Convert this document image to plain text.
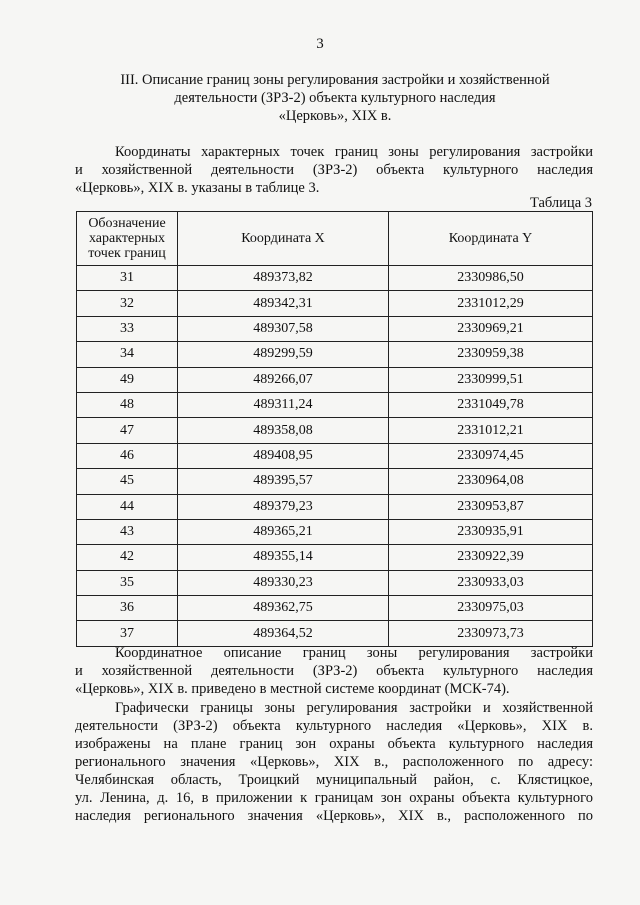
3
III. Описание границ зоны регулирования застройки и хозяйственной
деятельности (ЗРЗ-2) объекта культурного наследия
«Церковь», XIX в.
Координаты характерных точек границ зоны регулирования застройки
и хозяйственной деятельности (ЗРЗ-2) объекта культурного наследия
«Церковь», XIX в. указаны в таблице 3.
Таблица 3
Обозначение характерных точек границ	Координата X	Координата Y
31	489373,82	2330986,50
32	489342,31	2331012,29
33	489307,58	2330969,21
34	489299,59	2330959,38
49	489266,07	2330999,51
48	489311,24	2331049,78
47	489358,08	2331012,21
46	489408,95	2330974,45
45	489395,57	2330964,08
44	489379,23	2330953,87
43	489365,21	2330935,91
42	489355,14	2330922,39
35	489330,23	2330933,03
36	489362,75	2330975,03
37	489364,52	2330973,73
Координатное описание границ зоны регулирования застройки
и хозяйственной деятельности (ЗРЗ-2) объекта культурного наследия
«Церковь», XIX в. приведено в местной системе координат (МСК-74).
Графически границы зоны регулирования застройки и хозяйственной
деятельности (ЗРЗ-2) объекта культурного наследия «Церковь», XIX в.
изображены на плане границ зон охраны объекта культурного наследия
регионального значения «Церковь», XIX в., расположенного по адресу:
Челябинская область, Троицкий муниципальный район, с. Клястицкое,
ул. Ленина, д. 16, в приложении к границам зон охраны объекта культурного
наследия регионального значения «Церковь», XIX в., расположенного по
